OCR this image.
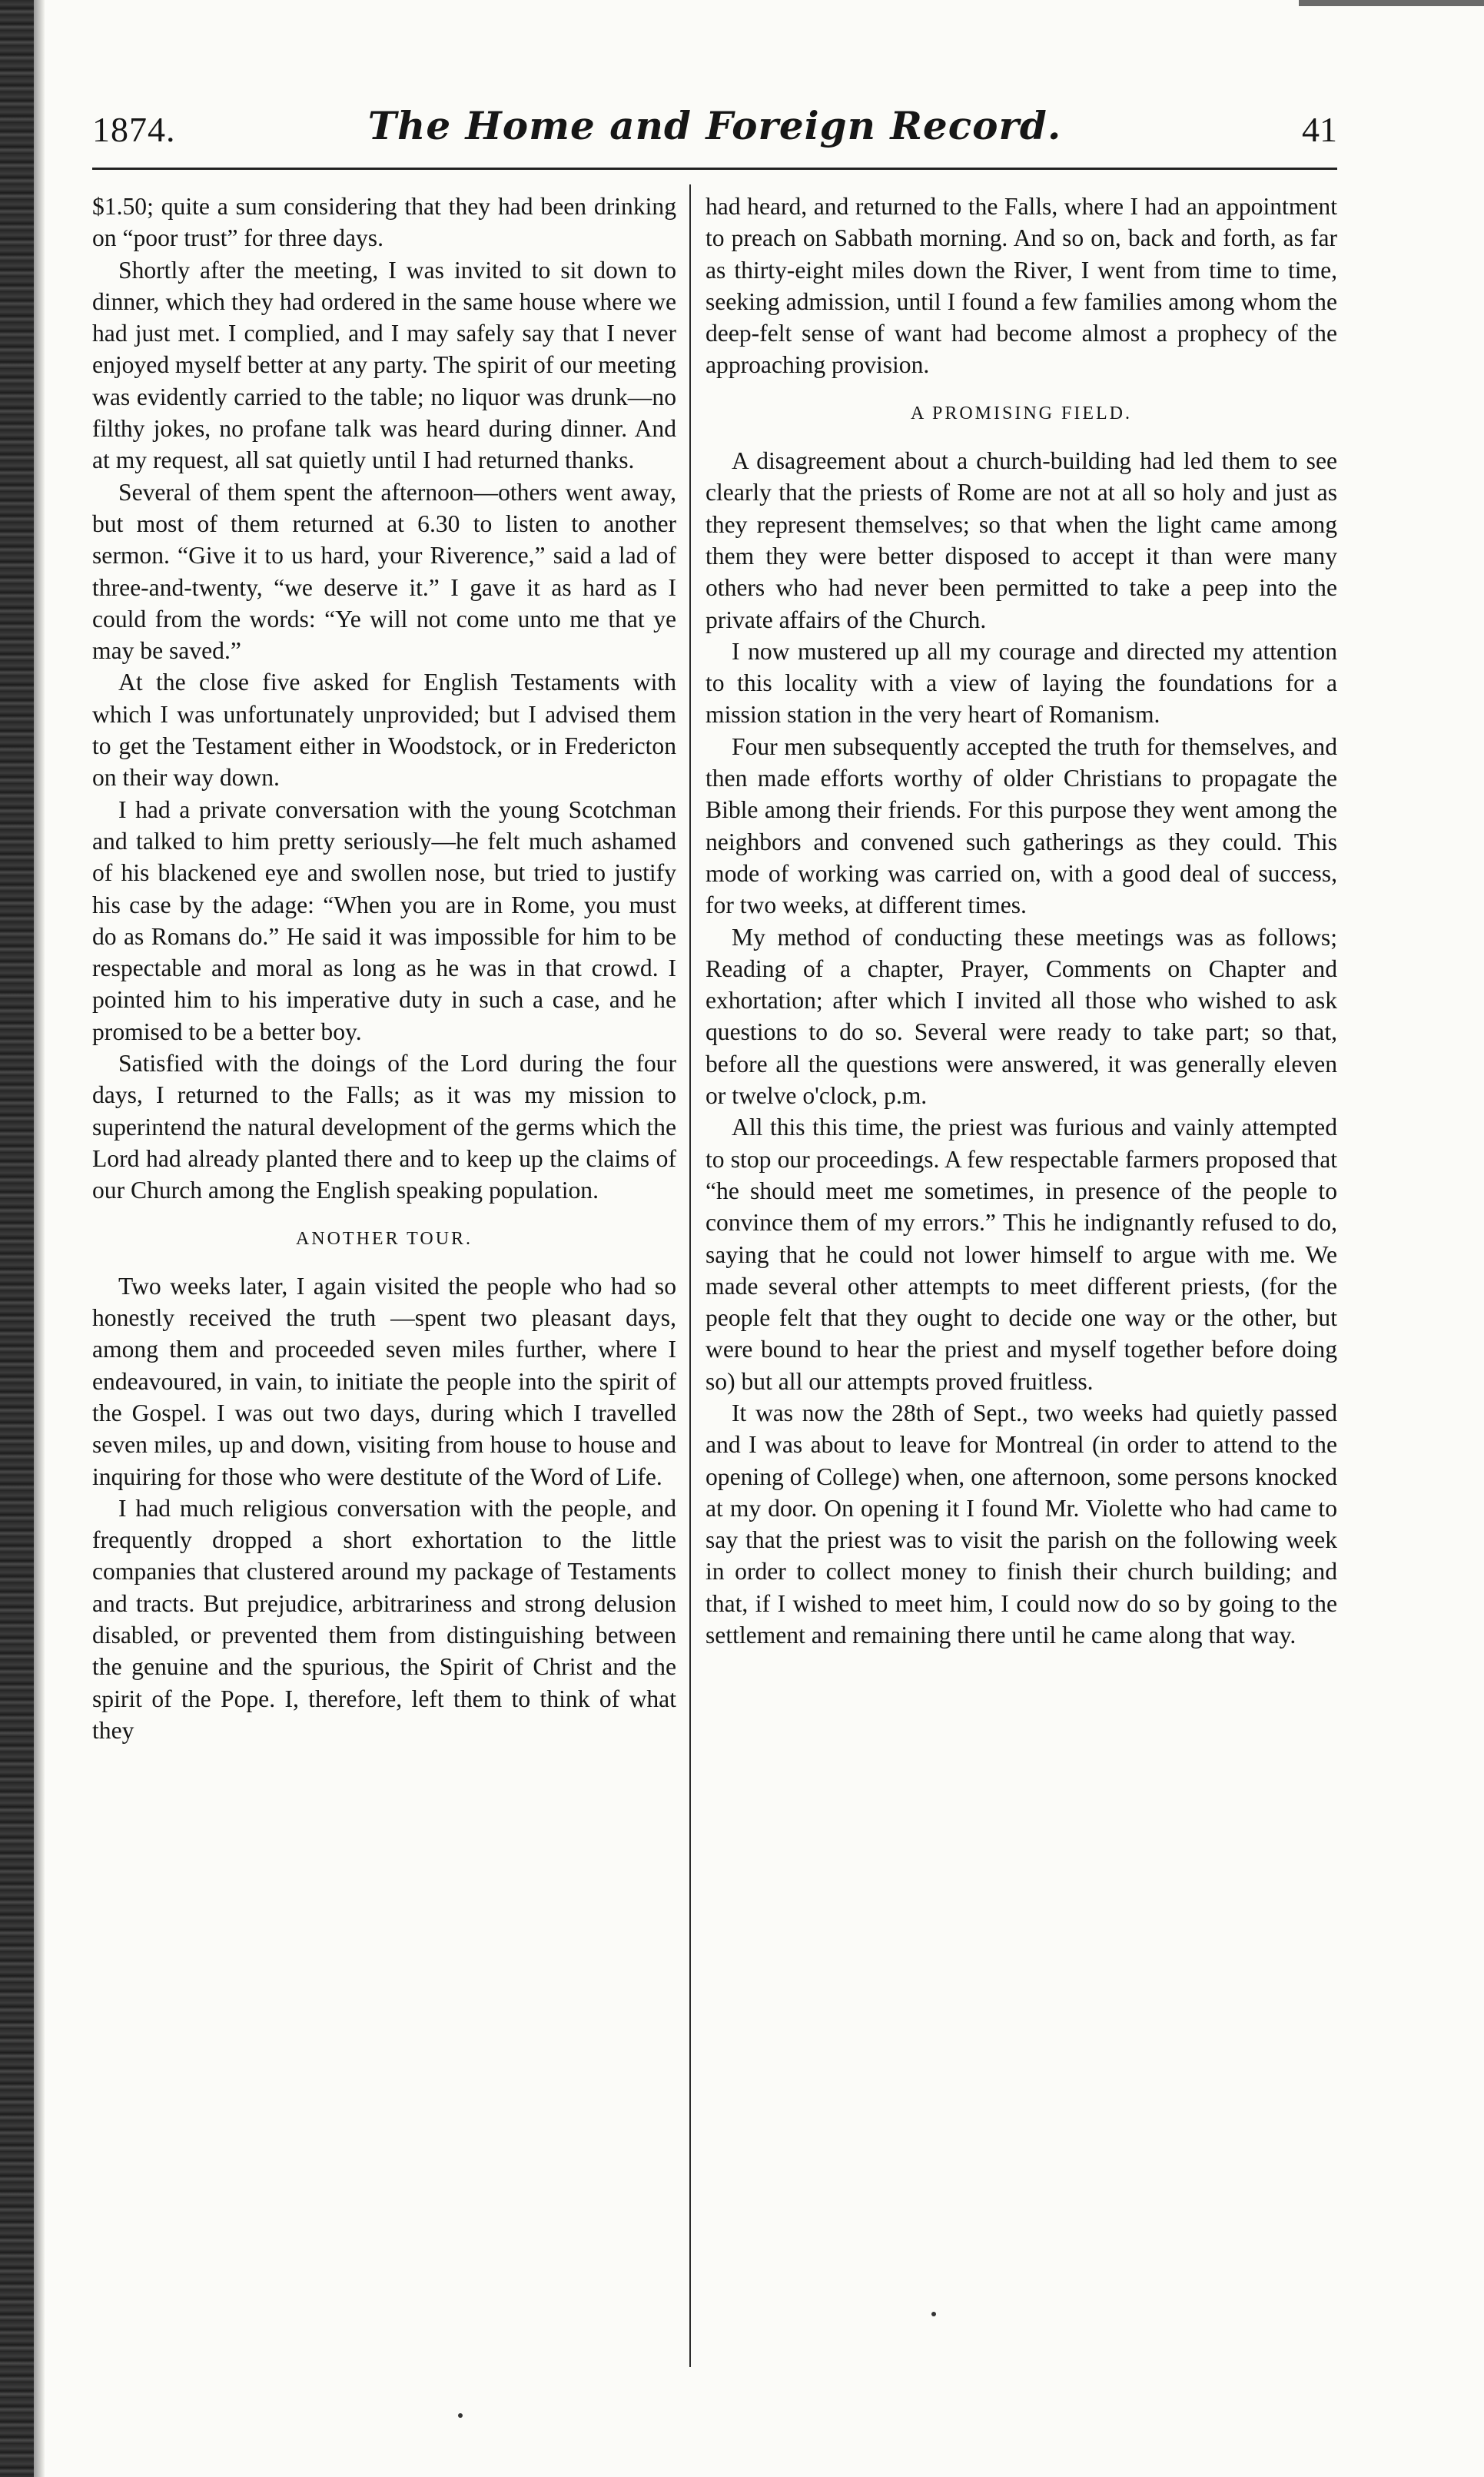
1874.	The Home and Foreign Record.	41

$1.50; quite a sum considering that they had been drinking on “poor trust” for three days.

Shortly after the meeting, I was invited to sit down to dinner, which they had ordered in the same house where we had just met. I complied, and I may safely say that I never enjoyed myself better at any party. The spirit of our meeting was evidently carried to the table; no liquor was drunk—no filthy jokes, no profane talk was heard during dinner. And at my request, all sat quietly until I had returned thanks.

Several of them spent the afternoon—others went away, but most of them returned at 6.30 to listen to another sermon. “Give it to us hard, your Riverence,” said a lad of three-and-twenty, “we deserve it.” I gave it as hard as I could from the words: “Ye will not come unto me that ye may be saved.”

At the close five asked for English Testaments with which I was unfortunately unprovided; but I advised them to get the Testament either in Woodstock, or in Fredericton on their way down.

I had a private conversation with the young Scotchman and talked to him pretty seriously—he felt much ashamed of his blackened eye and swollen nose, but tried to justify his case by the adage: “When you are in Rome, you must do as Romans do.” He said it was impossible for him to be respectable and moral as long as he was in that crowd. I pointed him to his imperative duty in such a case, and he promised to be a better boy.

Satisfied with the doings of the Lord during the four days, I returned to the Falls; as it was my mission to superintend the natural development of the germs which the Lord had already planted there and to keep up the claims of our Church among the English speaking population.

ANOTHER TOUR.

Two weeks later, I again visited the people who had so honestly received the truth —spent two pleasant days, among them and proceeded seven miles further, where I endeavoured, in vain, to initiate the people into the spirit of the Gospel. I was out two days, during which I travelled seven miles, up and down, visiting from house to house and inquiring for those who were destitute of the Word of Life.

I had much religious conversation with the people, and frequently dropped a short exhortation to the little companies that clustered around my package of Testaments and tracts. But prejudice, arbitrariness and strong delusion disabled, or prevented them from distinguishing between the genuine and the spurious, the Spirit of Christ and the spirit of the Pope. I, therefore, left them to think of what they

had heard, and returned to the Falls, where I had an appointment to preach on Sabbath morning. And so on, back and forth, as far as thirty-eight miles down the River, I went from time to time, seeking admission, until I found a few families among whom the deep-felt sense of want had become almost a prophecy of the approaching provision.

A PROMISING FIELD.

A disagreement about a church-building had led them to see clearly that the priests of Rome are not at all so holy and just as they represent themselves; so that when the light came among them they were better disposed to accept it than were many others who had never been permitted to take a peep into the private affairs of the Church.

I now mustered up all my courage and directed my attention to this locality with a view of laying the foundations for a mission station in the very heart of Romanism.

Four men subsequently accepted the truth for themselves, and then made efforts worthy of older Christians to propagate the Bible among their friends. For this purpose they went among the neighbors and convened such gatherings as they could. This mode of working was carried on, with a good deal of success, for two weeks, at different times.

My method of conducting these meetings was as follows; Reading of a chapter, Prayer, Comments on Chapter and exhortation; after which I invited all those who wished to ask questions to do so. Several were ready to take part; so that, before all the questions were answered, it was generally eleven or twelve o'clock, p.m.

All this this time, the priest was furious and vainly attempted to stop our proceedings. A few respectable farmers proposed that “he should meet me sometimes, in presence of the people to convince them of my errors.” This he indignantly refused to do, saying that he could not lower himself to argue with me. We made several other attempts to meet different priests, (for the people felt that they ought to decide one way or the other, but were bound to hear the priest and myself together before doing so) but all our attempts proved fruitless.

It was now the 28th of Sept., two weeks had quietly passed and I was about to leave for Montreal (in order to attend to the opening of College) when, one afternoon, some persons knocked at my door. On opening it I found Mr. Violette who had came to say that the priest was to visit the parish on the following week in order to collect money to finish their church building; and that, if I wished to meet him, I could now do so by going to the settlement and remaining there until he came along that way.
